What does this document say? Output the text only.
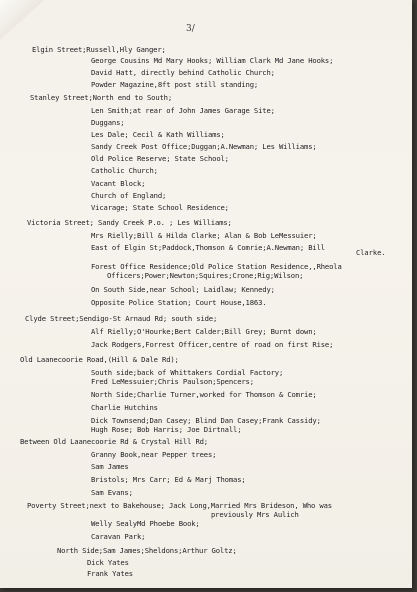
3/
Elgin Street;Russell,Hly Ganger;
George Cousins Md Mary Hooks; William Clark Md Jane Hooks;
David Hatt, directly behind Catholic Church;
Powder Magazine,8ft post still standing;
Stanley Street;North end to South;
Len Smith;at rear of John James Garage Site;
Duggans;
Les Dale; Cecil & Kath Williams;
Sandy Creek Post Office;Duggan;A.Newman; Les Williams;
Old Police Reserve; State School;
Catholic Church;
Vacant Block;
Church of England;
Vicarage; State School Residence;
Victoria Street; Sandy Creek P.o. ; Les Williams;
Mrs Rielly;Bill & Hilda Clarke; Alan & Bob LeMessuier;
East of Elgin St;Paddock,Thomson & Comrie;A.Newman; Bill
Clarke.
Forest Office Residence;Old Police Station Residence,,Rheola
Officers;Power;Newton;Squires;Crone;Rig;Wilson;
On South Side,near School; Laidlaw; Kennedy;
Opposite Police Station; Court House,1863.
Clyde Street;Sendigo-St Arnaud Rd; south side;
Alf Rielly;O'Hourke;Bert Calder;Bill Grey; Burnt down;
Jack Rodgers,Forrest Officer,centre of road on first Rise;
Old Laanecoorie Road,(Hill & Dale Rd);
South side;back of Whittakers Cordial Factory;
Fred LeMessuier;Chris Paulson;Spencers;
North Side;Charlie Turner,worked for Thomson & Comrie;
Charlie Hutchins
Dick Townsend;Dan Casey; Blind Dan Casey;Frank Cassidy;
Hugh Rose; Bob Harris; Joe Dirtnall;
Between Old Laanecoorie Rd & Crystal Hill Rd;
Granny Book,near Pepper trees;
Sam James
Bristols; Mrs Carr; Ed & Marj Thomas;
Sam Evans;
Poverty Street;next to Bakehouse; Jack Long,Married Mrs Brideson, Who was
previously Mrs Aulich
Welly SealyMd Phoebe Book;
Caravan Park;
North Side;Sam James;Sheldons;Arthur Goltz;
Dick Yates
Frank Yates
